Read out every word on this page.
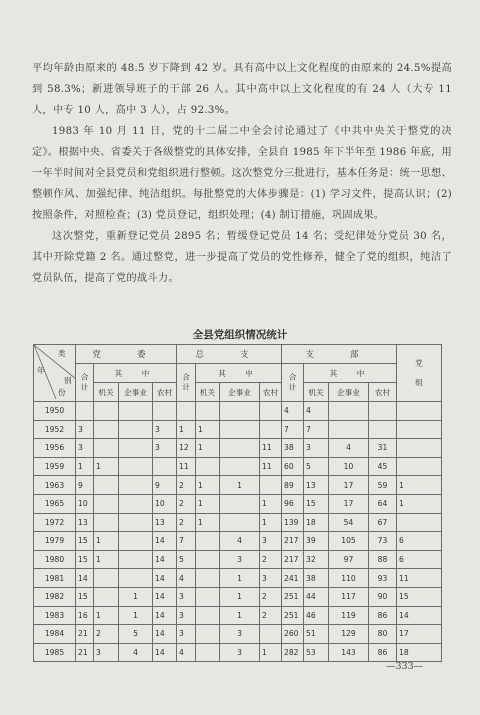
平均年龄由原来的 48.5 岁下降到 42 岁。具有高中以上文化程度的由原来的 24.5%提高到 58.3%；新进领导班子的干部 26 人。其中高中以上文化程度的有 24 人（大专 11 人，中专 10 人，高中 3 人），占 92.3%。

1983 年 10 月 11 日，党的十二届二中全会讨论通过了《中共中央关于整党的决定》。根据中央、省委关于各级整党的具体安排，全县自 1985 年下半年至 1986 年底，用一年半时间对全县党员和党组织进行整顿。这次整党分三批进行，基本任务是：统一思想、整顿作风、加强纪律、纯洁组织。每批整党的大体步骤是：(1) 学习文件，提高认识；(2) 按照条件，对照检查；(3) 党员登记，组织处理；(4) 制订措施，巩固成果。

这次整党，重新登记党员 2895 名；暂缓登记党员 14 名；受纪律处分党员 30 名，其中开除党籍 2 名。通过整党，进一步提高了党员的党性修养，健全了党的组织，纯洁了党员队伍，提高了党的战斗力。

全县党组织情况统计
类
年
别
份	党　委				总　支				支　部				党　组
	合计	其　中			合计	其　中			合计	其　中			
		机关	企事业	农村		机关	企事业	农村		机关	企事业	农村	
1950									4	4			
1952	3			3	1	1			7	7			
1956	3			3	12	1		11	38	3	4	31	
1959	1	1			11			11	60	5	10	45	
1963	9			9	2	1	1		89	13	17	59	1
1965	10			10	2	1		1	96	15	17	64	1
1972	13			13	2	1		1	139	18	54	67	
1979	15	1		14	7		4	3	217	39	105	73	6
1980	15	1		14	5		3	2	217	32	97	88	6
1981	14			14	4		1	3	241	38	110	93	11
1982	15		1	14	3		1	2	251	44	117	90	15
1983	16	1	1	14	3		1	2	251	46	119	86	14
1984	21	2	5	14	3		3		260	51	129	80	17
1985	21	3	4	14	4		3	1	282	53	143	86	18
—333—
